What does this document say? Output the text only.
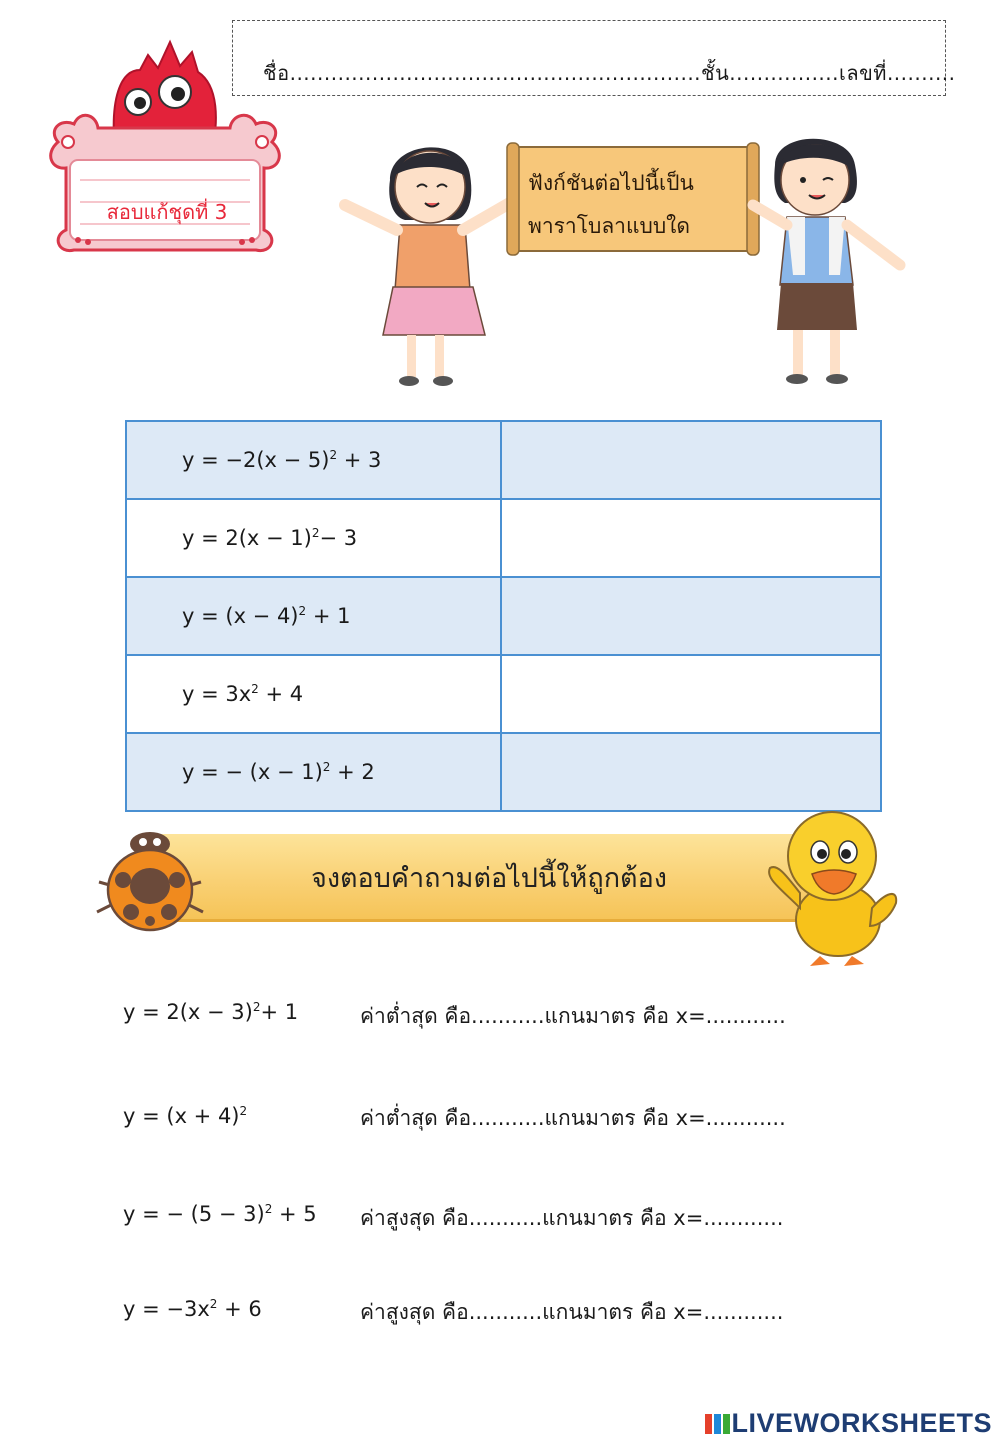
ชื่อ............................................................ชั้น................เลขที่..........
สอบแก้ชุดที่ 3
ฟังก์ชันต่อไปนี้เป็น
พาราโบลาแบบใด
$y = -2(x - 5)^2 + 3$	
$y = 2(x - 1)^2- 3$	
$y = (x - 4)^2 + 1$	
$y = 3x^2 + 4$	
y = − $(x - 1)^2 + 2$	
จงตอบคำถามต่อไปนี้ให้ถูกต้อง
$y = 2(x - 3)^2+ 1$	ค่าต่ำสุด คือ...........แกนมาตร คือ x=............
$y = (x + 4)^2$	ค่าต่ำสุด คือ...........แกนมาตร คือ x=............
y = − $(5 - 3)^2 + 5$ ค่าสูงสุด คือ...........แกนมาตร คือ x=............
$y = -3x^2 + 6$	ค่าสูงสุด คือ...........แกนมาตร คือ x=............
LIVEWORKSHEETS
